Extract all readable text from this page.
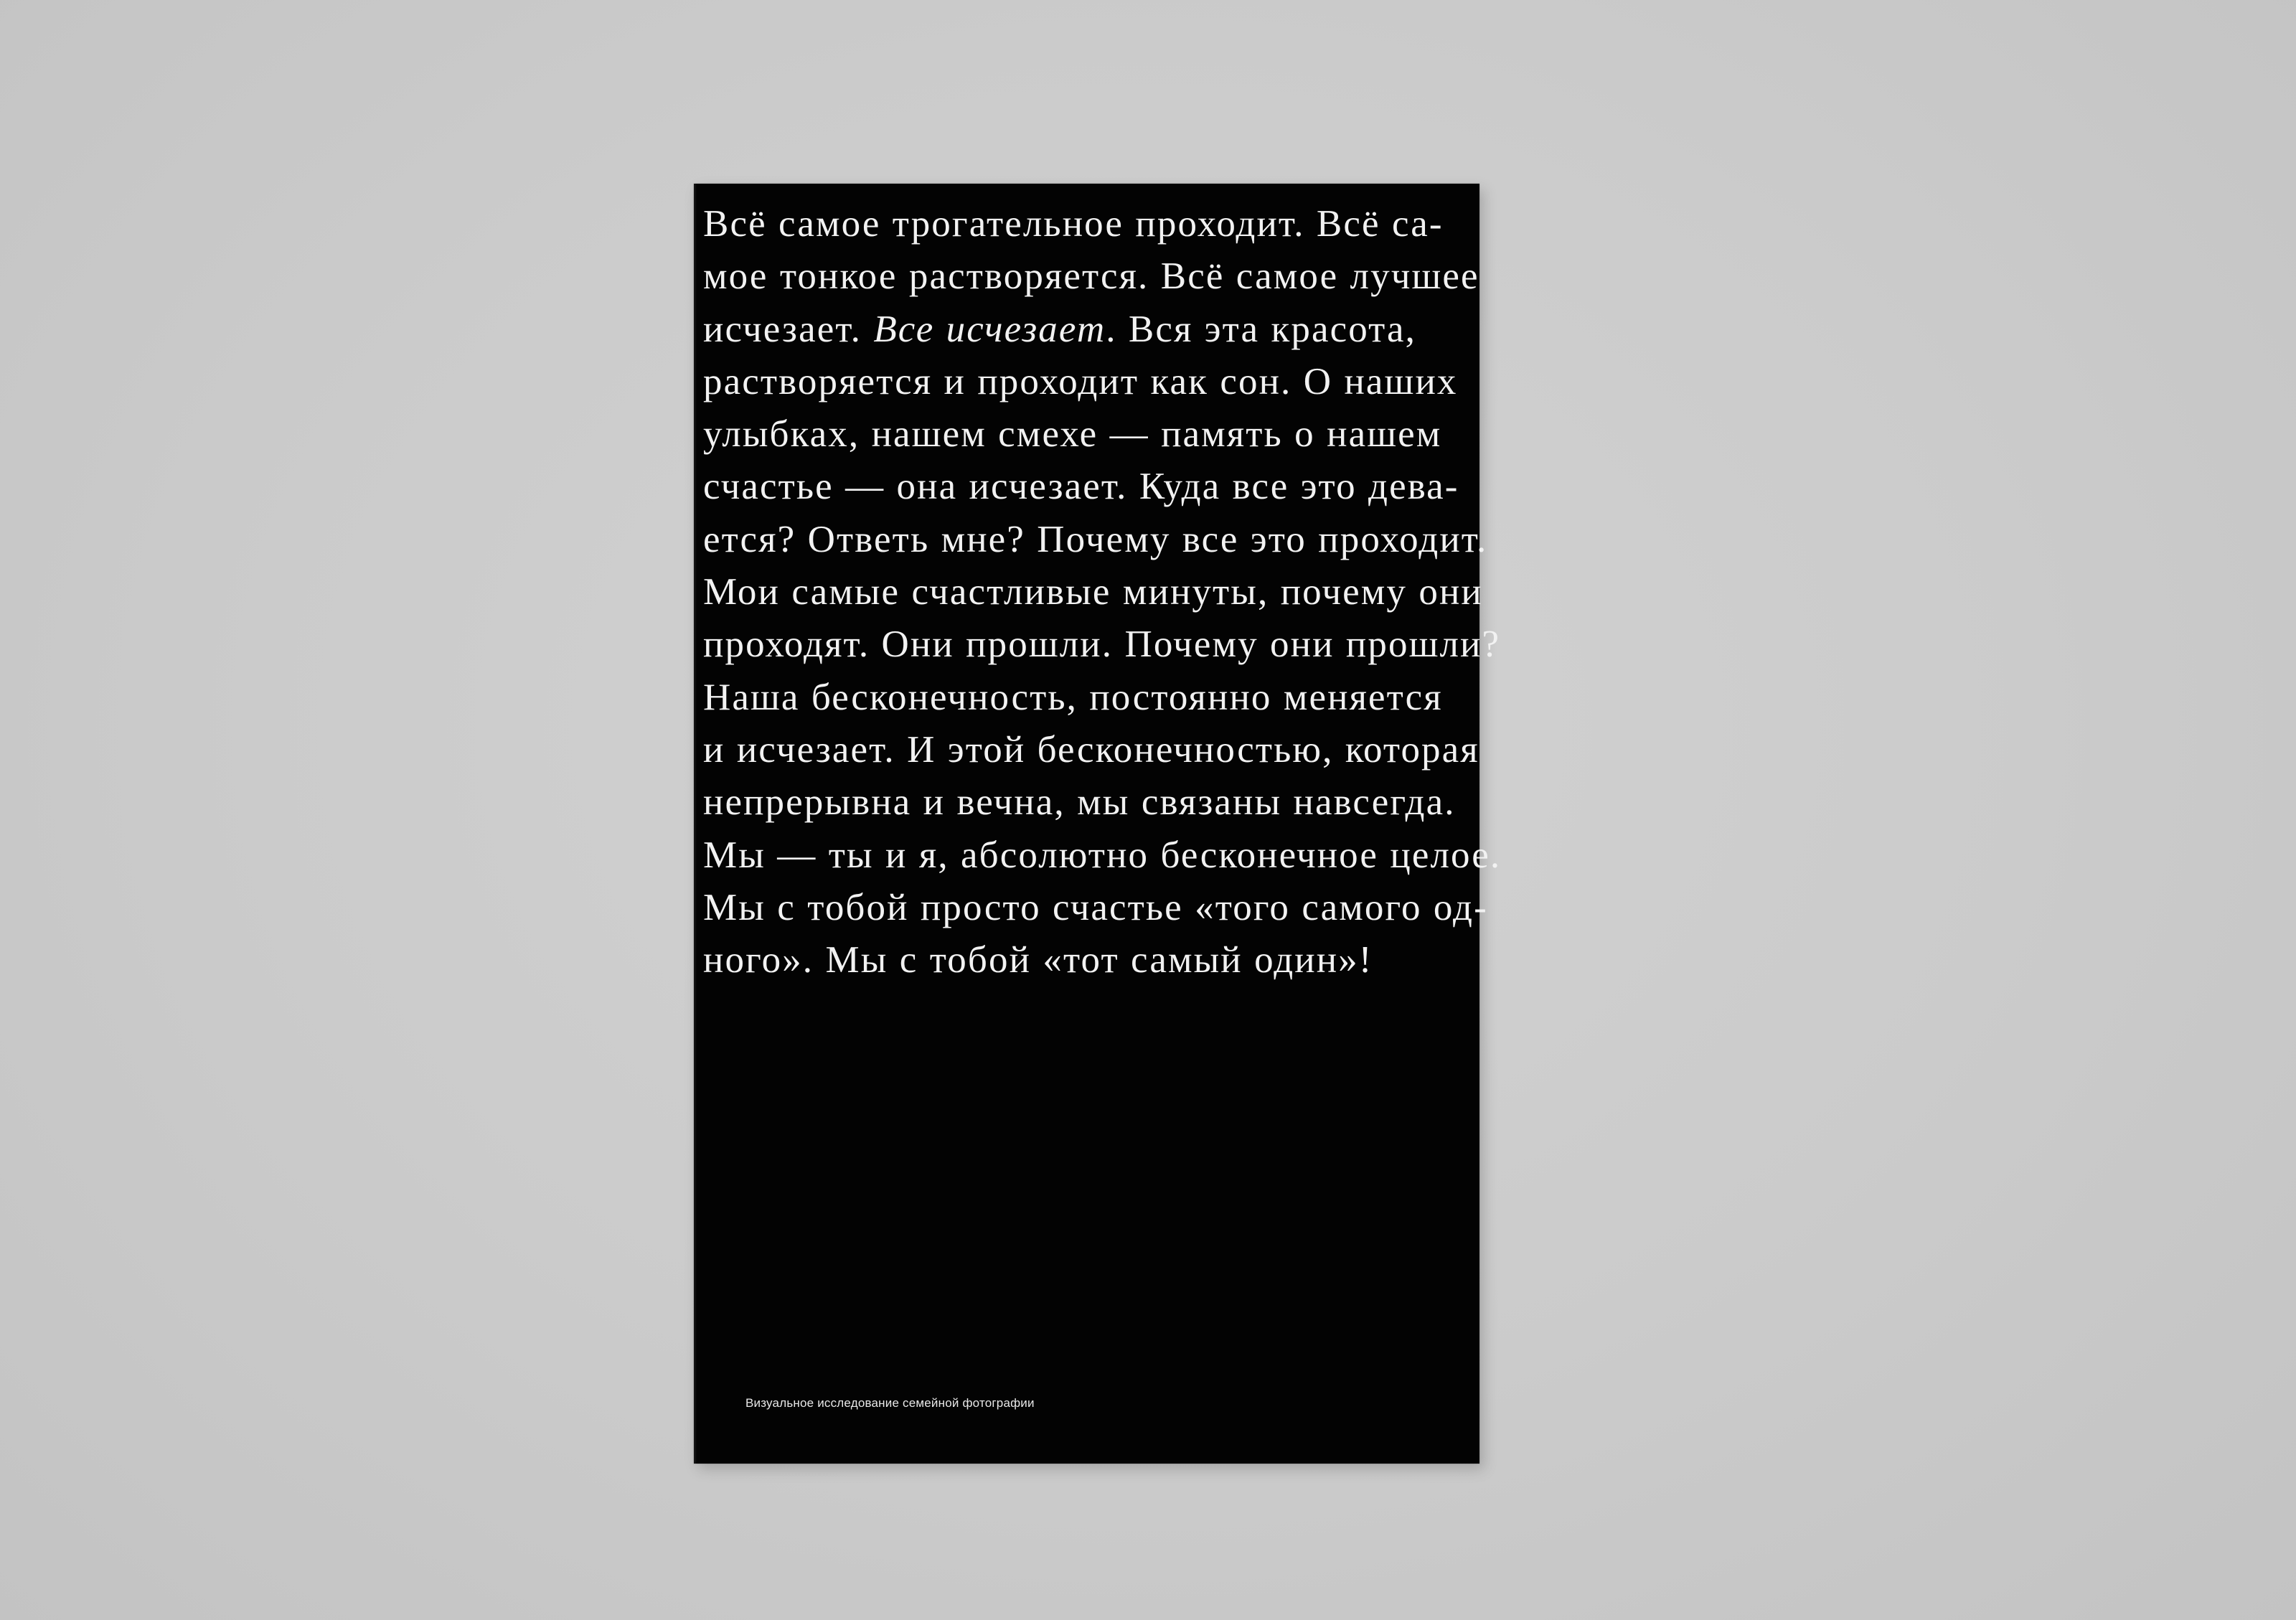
Всё самое трогательное проходит. Всё са-
мое тонкое растворяется. Всё самое лучшее
исчезает. Все исчезает. Вся эта красота,
растворяется и проходит как сон. О наших
улыбках, нашем смехе — память о нашем
счастье — она исчезает. Куда все это дева-
ется? Ответь мне? Почему все это проходит.
Мои самые счастливые минуты, почему они
проходят. Они прошли. Почему они прошли?
Наша бесконечность, постоянно меняется
и исчезает. И этой бесконечностью, которая
непрерывна и вечна, мы связаны навсегда.
Мы — ты и я, абсолютно бесконечное целое.
Мы с тобой просто счастье «того самого од-
ного». Мы с тобой «тот самый один»!
Визуальное исследование семейной фотографии
